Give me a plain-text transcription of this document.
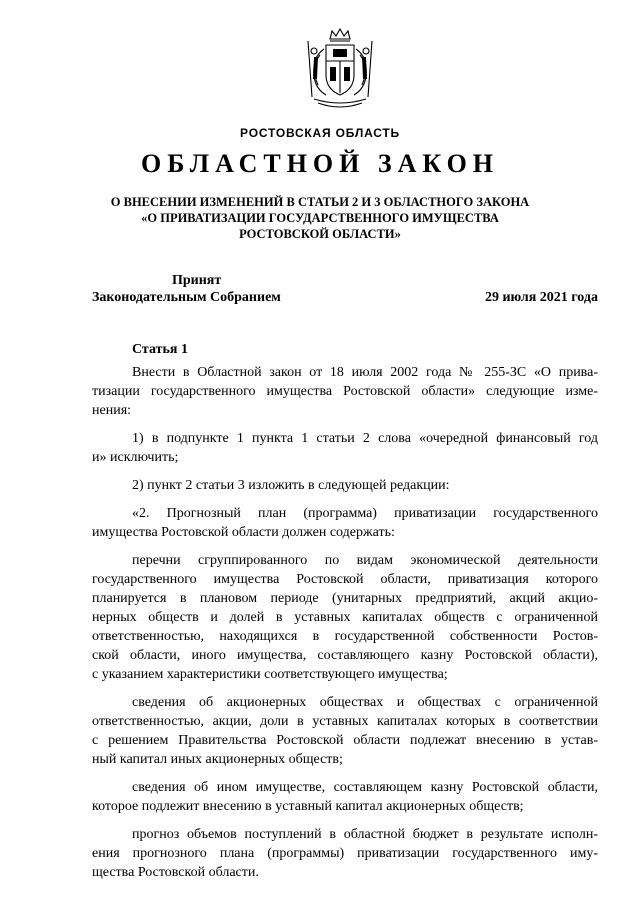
РОСТОВСКАЯ ОБЛАСТЬ
ОБЛАСТНОЙ ЗАКОН
О ВНЕСЕНИИ ИЗМЕНЕНИЙ В СТАТЬИ 2 И 3 ОБЛАСТНОГО ЗАКОНА
«О ПРИВАТИЗАЦИИ ГОСУДАРСТВЕННОГО ИМУЩЕСТВА
РОСТОВСКОЙ ОБЛАСТИ»
Принят
Законодательным Собранием	29 июля 2021 года
Статья 1
Внести в Областной закон от 18 июля 2002 года № 255-ЗС «О прива-
тизации государственного имущества Ростовской области» следующие изме-
нения:
1) в подпункте 1 пункта 1 статьи 2 слова «очередной финансовый год
и» исключить;
2) пункт 2 статьи 3 изложить в следующей редакции:
«2. Прогнозный план (программа) приватизации государственного
имущества Ростовской области должен содержать:
перечни сгруппированного по видам экономической деятельности
государственного имущества Ростовской области, приватизация которого
планируется в плановом периоде (унитарных предприятий, акций акцио-
нерных обществ и долей в уставных капиталах обществ с ограниченной
ответственностью, находящихся в государственной собственности Ростов-
ской области, иного имущества, составляющего казну Ростовской области),
с указанием характеристики соответствующего имущества;
сведения об акционерных обществах и обществах с ограниченной
ответственностью, акции, доли в уставных капиталах которых в соответствии
с решением Правительства Ростовской области подлежат внесению в устав-
ный капитал иных акционерных обществ;
сведения об ином имуществе, составляющем казну Ростовской области,
которое подлежит внесению в уставный капитал акционерных обществ;
прогноз объемов поступлений в областной бюджет в результате исполн-
ения прогнозного плана (программы) приватизации государственного иму-
щества Ростовской области.
